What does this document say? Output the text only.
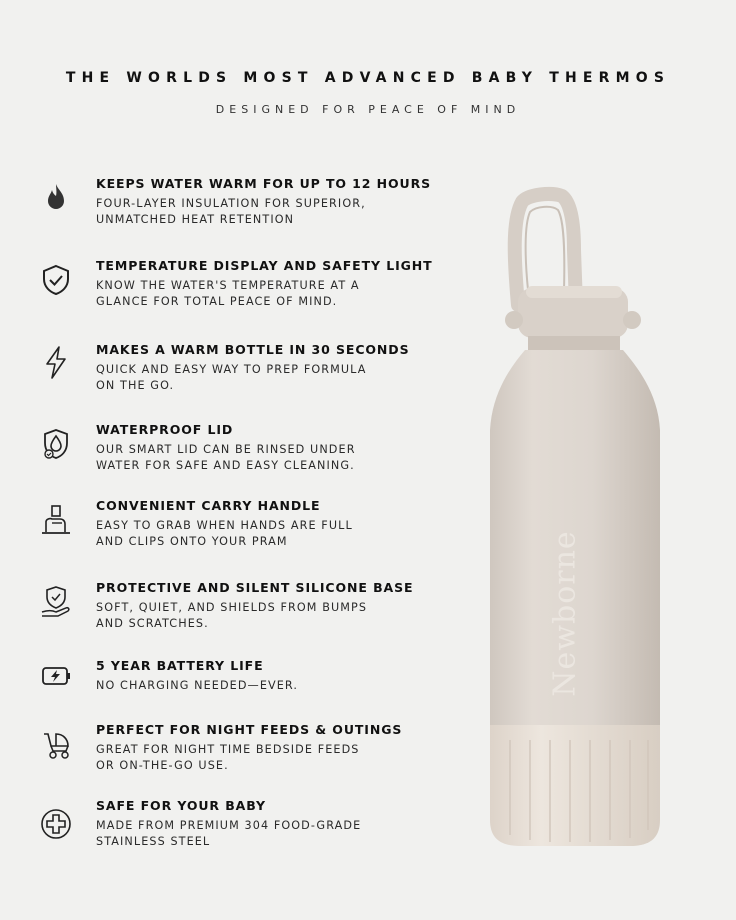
THE WORLDS MOST ADVANCED BABY THERMOS
DESIGNED FOR PEACE OF MIND
KEEPS WATER WARM FOR UP TO 12 HOURS
FOUR-LAYER INSULATION FOR SUPERIOR,
UNMATCHED HEAT RETENTION
TEMPERATURE DISPLAY AND SAFETY LIGHT
KNOW THE WATER'S TEMPERATURE AT A
GLANCE FOR TOTAL PEACE OF MIND.
MAKES A WARM BOTTLE IN 30 SECONDS
QUICK AND EASY WAY TO PREP FORMULA
ON THE GO.
WATERPROOF LID
OUR SMART LID CAN BE RINSED UNDER
WATER FOR SAFE AND EASY CLEANING.
CONVENIENT CARRY HANDLE
EASY TO GRAB WHEN HANDS ARE FULL
AND CLIPS ONTO YOUR PRAM
PROTECTIVE AND SILENT SILICONE BASE
SOFT, QUIET, AND SHIELDS FROM BUMPS
AND SCRATCHES.
5 YEAR BATTERY LIFE
NO CHARGING NEEDED—EVER.
PERFECT FOR NIGHT FEEDS & OUTINGS
GREAT FOR NIGHT TIME BEDSIDE FEEDS
OR ON-THE-GO USE.
SAFE FOR YOUR BABY
MADE FROM PREMIUM 304 FOOD-GRADE
STAINLESS STEEL
Newborne
